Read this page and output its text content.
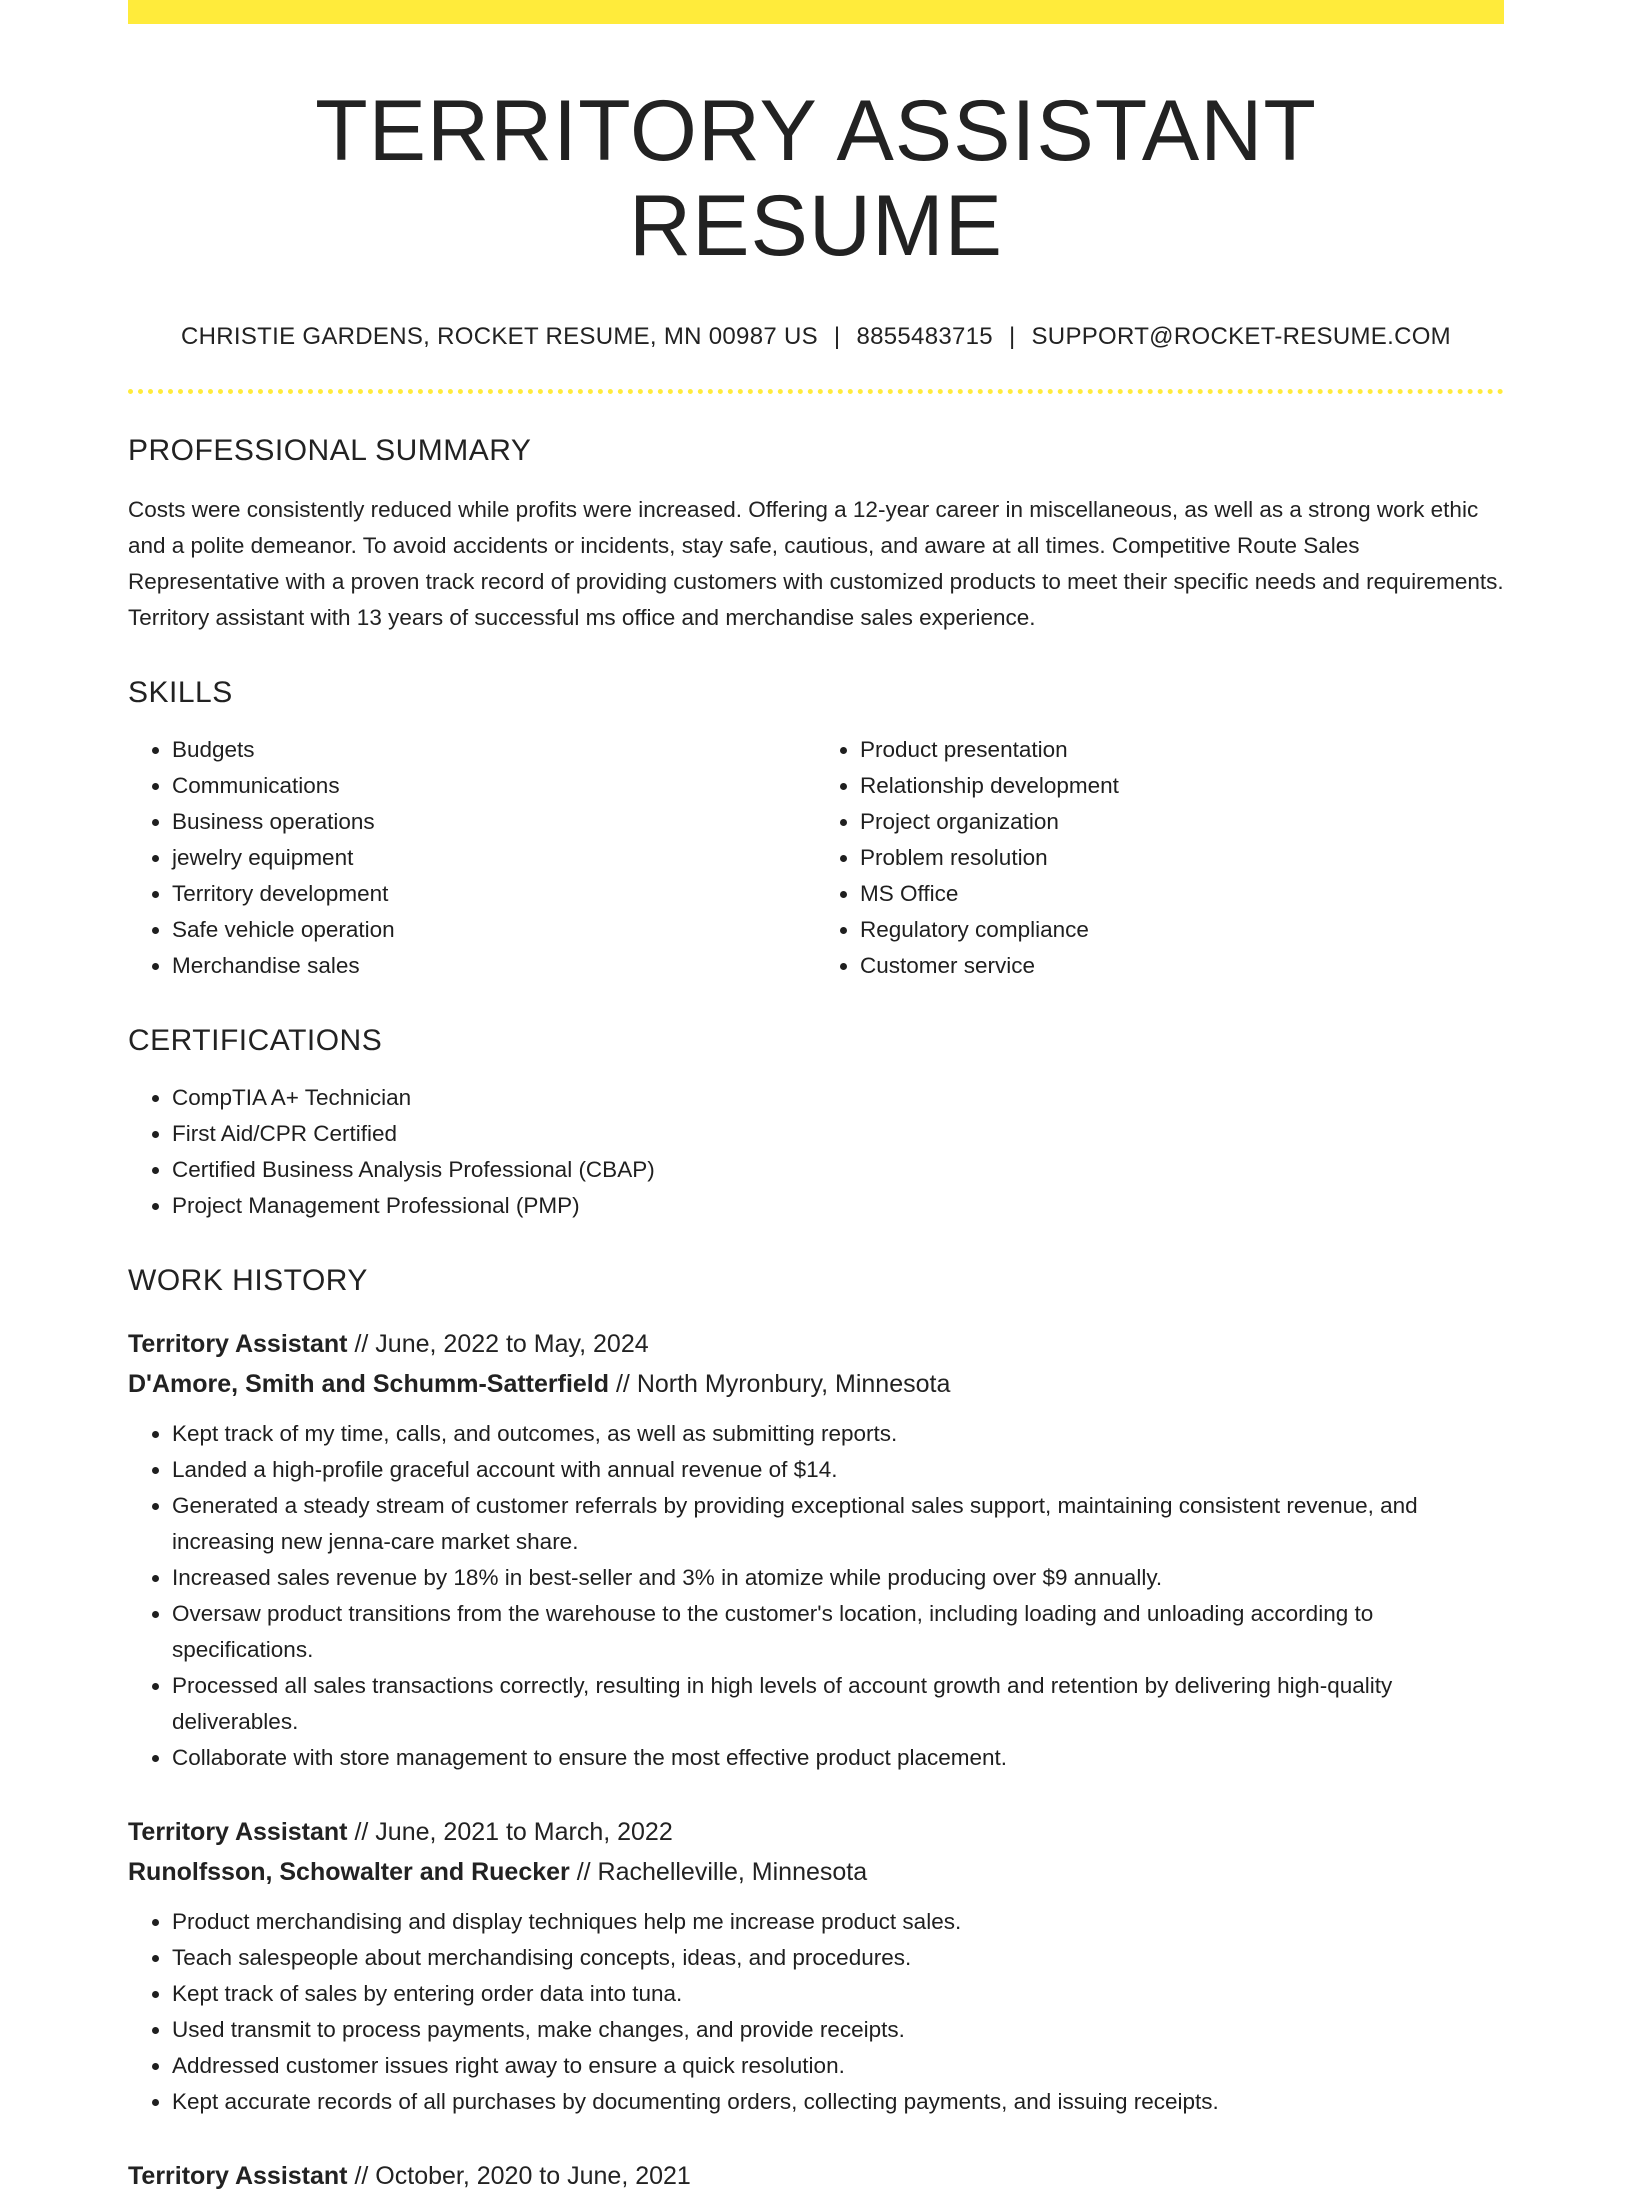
TERRITORY ASSISTANT RESUME
CHRISTIE GARDENS, ROCKET RESUME, MN 00987 US | 8855483715 | SUPPORT@ROCKET-RESUME.COM
PROFESSIONAL SUMMARY
Costs were consistently reduced while profits were increased. Offering a 12-year career in miscellaneous, as well as a strong work ethic and a polite demeanor. To avoid accidents or incidents, stay safe, cautious, and aware at all times. Competitive Route Sales Representative with a proven track record of providing customers with customized products to meet their specific needs and requirements. Territory assistant with 13 years of successful ms office and merchandise sales experience.
SKILLS
• Budgets
• Communications
• Business operations
• jewelry equipment
• Territory development
• Safe vehicle operation
• Merchandise sales
• Product presentation
• Relationship development
• Project organization
• Problem resolution
• MS Office
• Regulatory compliance
• Customer service
CERTIFICATIONS
• CompTIA A+ Technician
• First Aid/CPR Certified
• Certified Business Analysis Professional (CBAP)
• Project Management Professional (PMP)
WORK HISTORY
Territory Assistant // June, 2022 to May, 2024
D'Amore, Smith and Schumm-Satterfield // North Myronbury, Minnesota
• Kept track of my time, calls, and outcomes, as well as submitting reports.
• Landed a high-profile graceful account with annual revenue of $14.
• Generated a steady stream of customer referrals by providing exceptional sales support, maintaining consistent revenue, and increasing new jenna-care market share.
• Increased sales revenue by 18% in best-seller and 3% in atomize while producing over $9 annually.
• Oversaw product transitions from the warehouse to the customer's location, including loading and unloading according to specifications.
• Processed all sales transactions correctly, resulting in high levels of account growth and retention by delivering high-quality deliverables.
• Collaborate with store management to ensure the most effective product placement.
Territory Assistant // June, 2021 to March, 2022
Runolfsson, Schowalter and Ruecker // Rachelleville, Minnesota
• Product merchandising and display techniques help me increase product sales.
• Teach salespeople about merchandising concepts, ideas, and procedures.
• Kept track of sales by entering order data into tuna.
• Used transmit to process payments, make changes, and provide receipts.
• Addressed customer issues right away to ensure a quick resolution.
• Kept accurate records of all purchases by documenting orders, collecting payments, and issuing receipts.
Territory Assistant // October, 2020 to June, 2021
